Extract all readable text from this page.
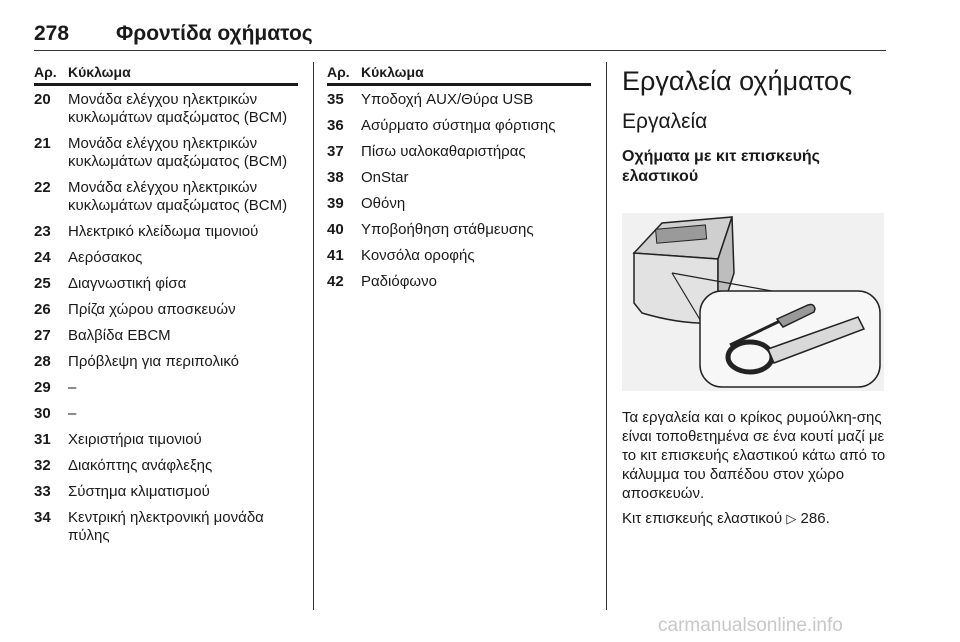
278 Φροντίδα οχήματος
Αρ. Κύκλωμα
20	Μονάδα ελέγχου ηλεκτρικών κυκλωμάτων αμαξώματος (BCM)
21	Μονάδα ελέγχου ηλεκτρικών κυκλωμάτων αμαξώματος (BCM)
22	Μονάδα ελέγχου ηλεκτρικών κυκλωμάτων αμαξώματος (BCM)
23	Ηλεκτρικό κλείδωμα τιμονιού
24	Αερόσακος
25	Διαγνωστική φίσα
26	Πρίζα χώρου αποσκευών
27	Βαλβίδα EBCM
28	Πρόβλεψη για περιπολικό
29	–
30	–
31	Χειριστήρια τιμονιού
32	Διακόπτης ανάφλεξης
33	Σύστημα κλιματισμού
34	Κεντρική ηλεκτρονική μονάδα πύλης
Αρ. Κύκλωμα
35	Υποδοχή AUX/Θύρα USB
36	Ασύρματο σύστημα φόρτισης
37	Πίσω υαλοκαθαριστήρας
38	OnStar
39	Οθόνη
40	Υποβοήθηση στάθμευσης
41	Κονσόλα οροφής
42	Ραδιόφωνο
Εργαλεία οχήματος
Εργαλεία
Οχήματα με κιτ επισκευής ελαστικού
Τα εργαλεία και ο κρίκος ρυμούλκη-σης είναι τοποθετημένα σε ένα κουτί μαζί με το κιτ επισκευής ελαστικού κάτω από το κάλυμμα του δαπέδου στον χώρο αποσκευών.
Κιτ επισκευής ελαστικού ▷ 286.
carmanualsonline.info
